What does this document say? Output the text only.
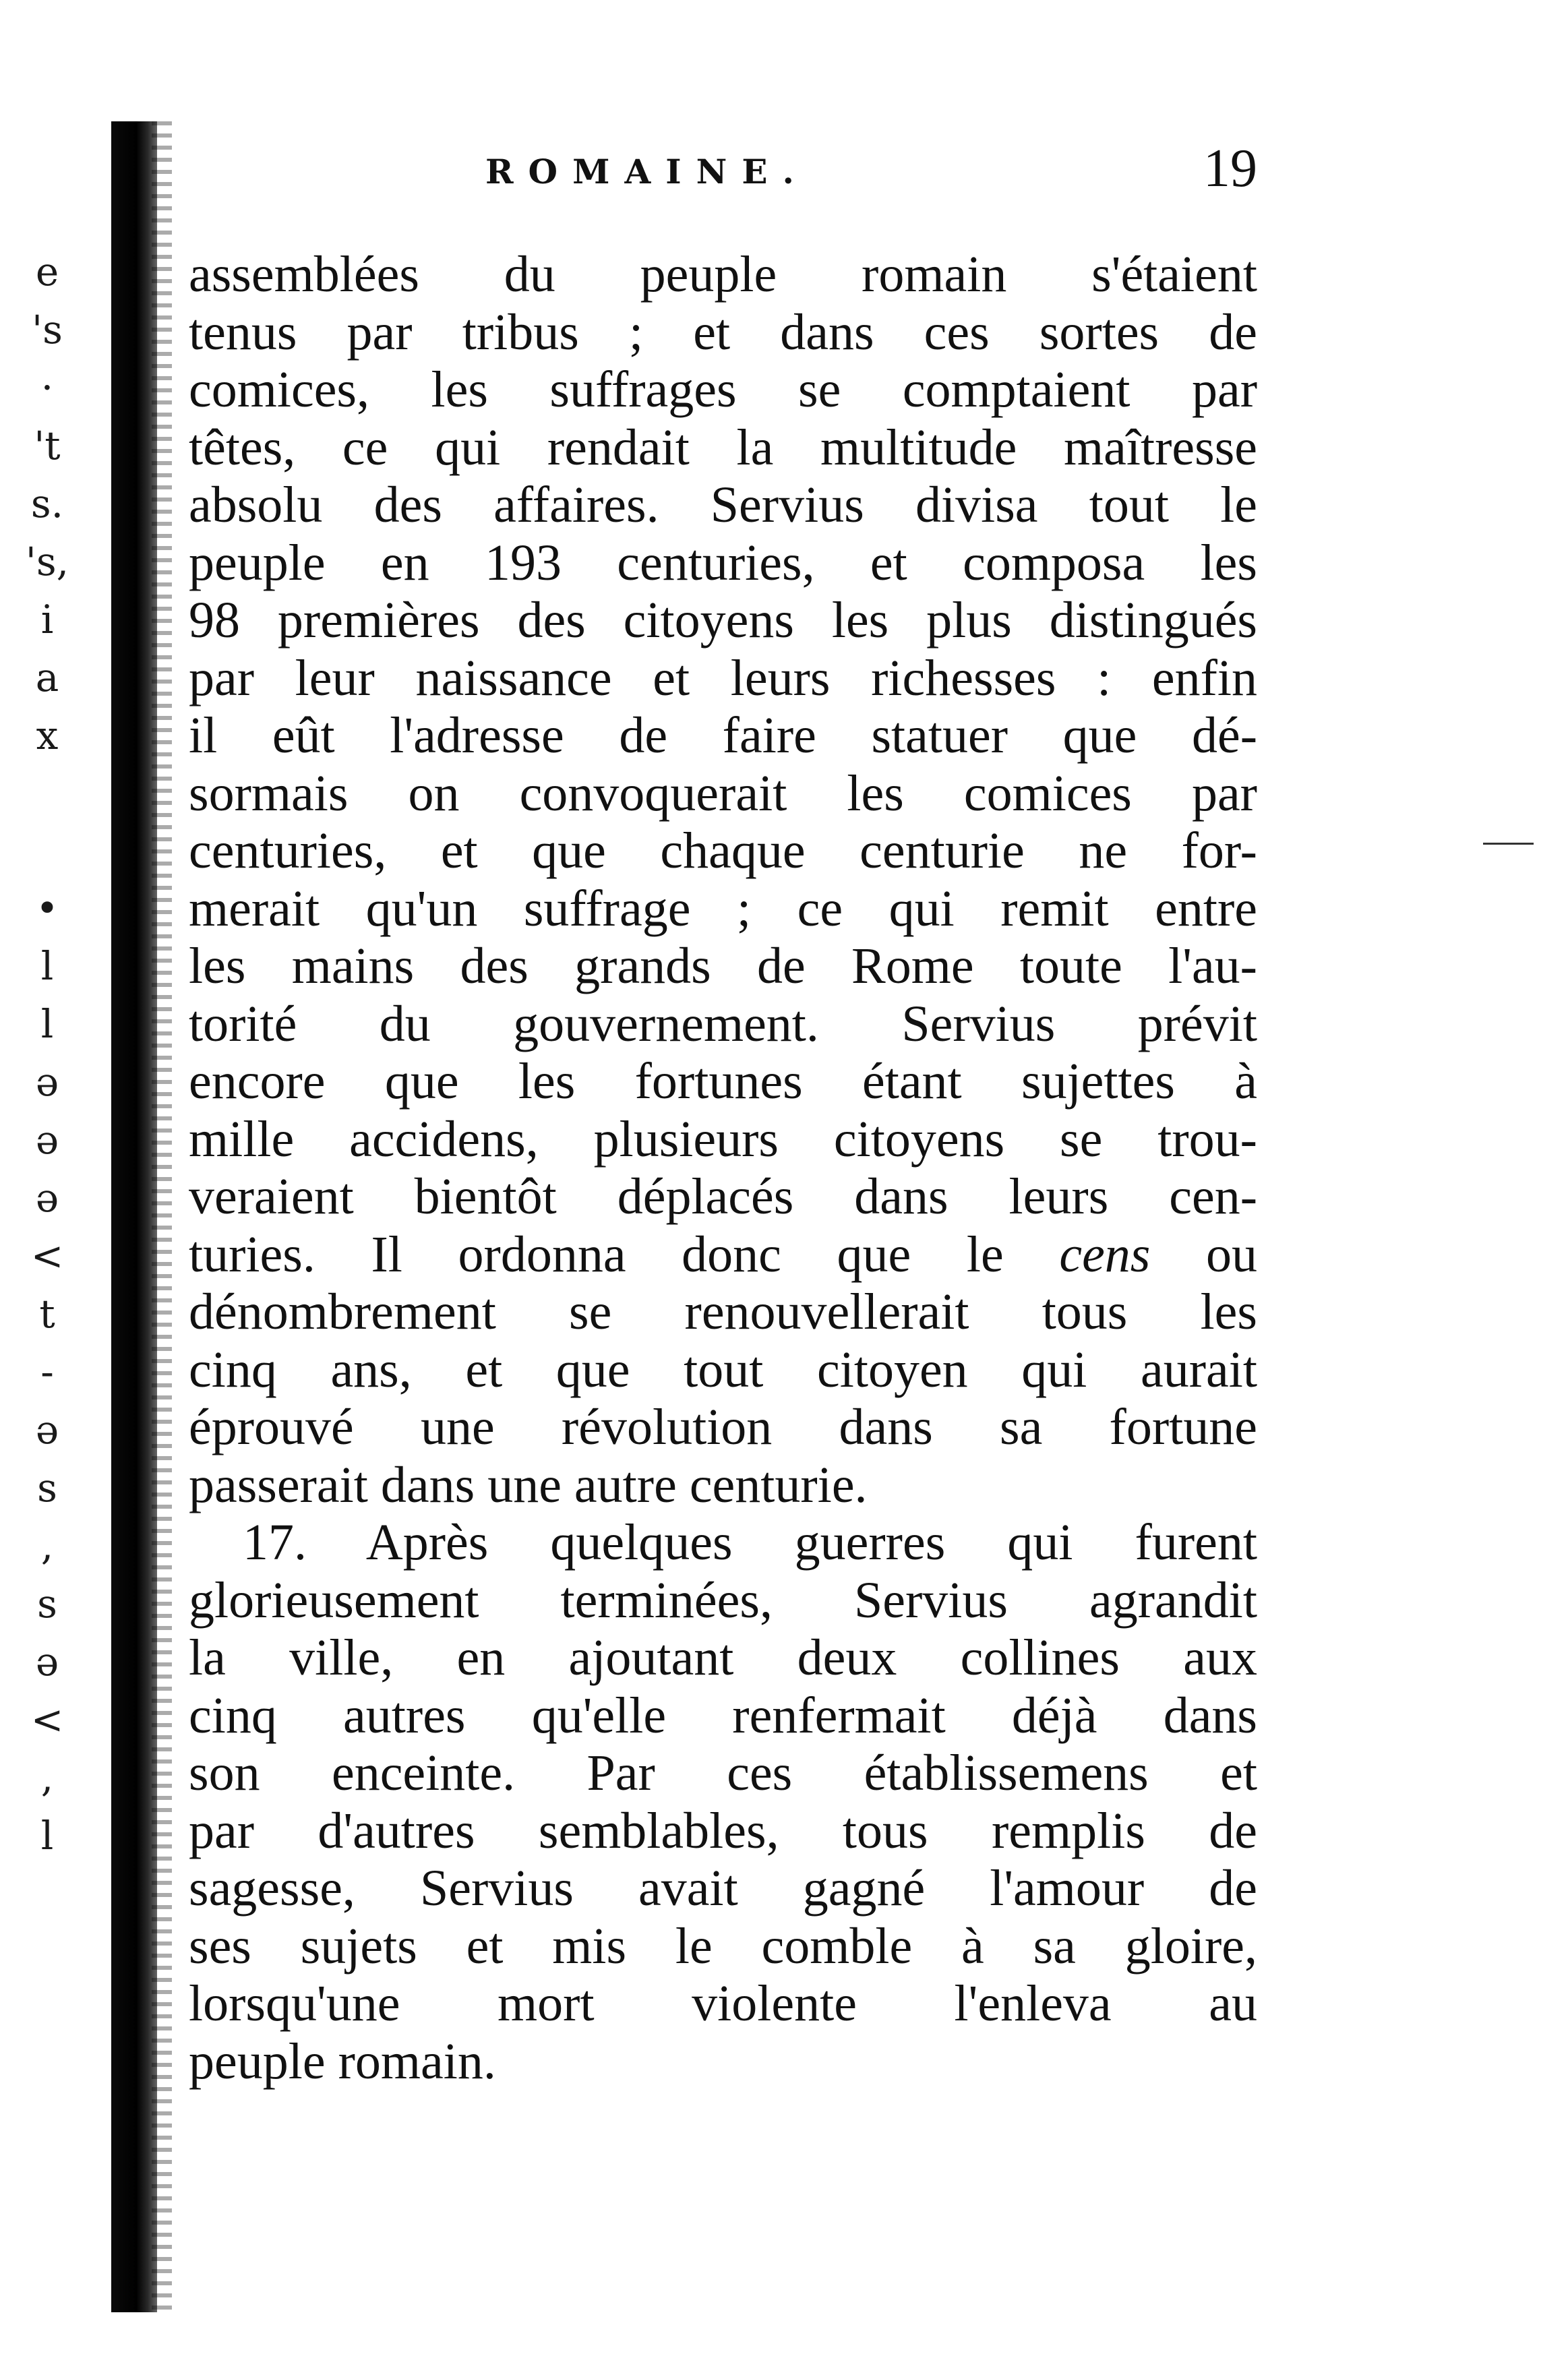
e
's
·
't
s.
's,
i
a
x
•
l
l
ə
ə
ə
<
t
-
ə
s
,
s
ə
<
,
l
ROMAINE.	19
assemblées du peuple romain s'étaient
tenus par tribus ; et dans ces sortes de
comices, les suffrages se comptaient par
têtes, ce qui rendait la multitude maîtresse
absolu des affaires. Servius divisa tout le
peuple en 193 centuries, et composa les
98 premières des citoyens les plus distingués
par leur naissance et leurs richesses : enfin
il eût l'adresse de faire statuer que dé-
sormais on convoquerait les comices par
centuries, et que chaque centurie ne for-
merait qu'un suffrage ; ce qui remit entre
les mains des grands de Rome toute l'au-
torité du gouvernement. Servius prévit
encore que les fortunes étant sujettes à
mille accidens, plusieurs citoyens se trou-
veraient bientôt déplacés dans leurs cen-
turies. Il ordonna donc que le cens ou
dénombrement se renouvellerait tous les
cinq ans, et que tout citoyen qui aurait
éprouvé une révolution dans sa fortune
passerait dans une autre centurie.
17. Après quelques guerres qui furent
glorieusement terminées, Servius agrandit
la ville, en ajoutant deux collines aux
cinq autres qu'elle renfermait déjà dans
son enceinte. Par ces établissemens et
par d'autres semblables, tous remplis de
sagesse, Servius avait gagné l'amour de
ses sujets et mis le comble à sa gloire,
lorsqu'une mort violente l'enleva au
peuple romain.
